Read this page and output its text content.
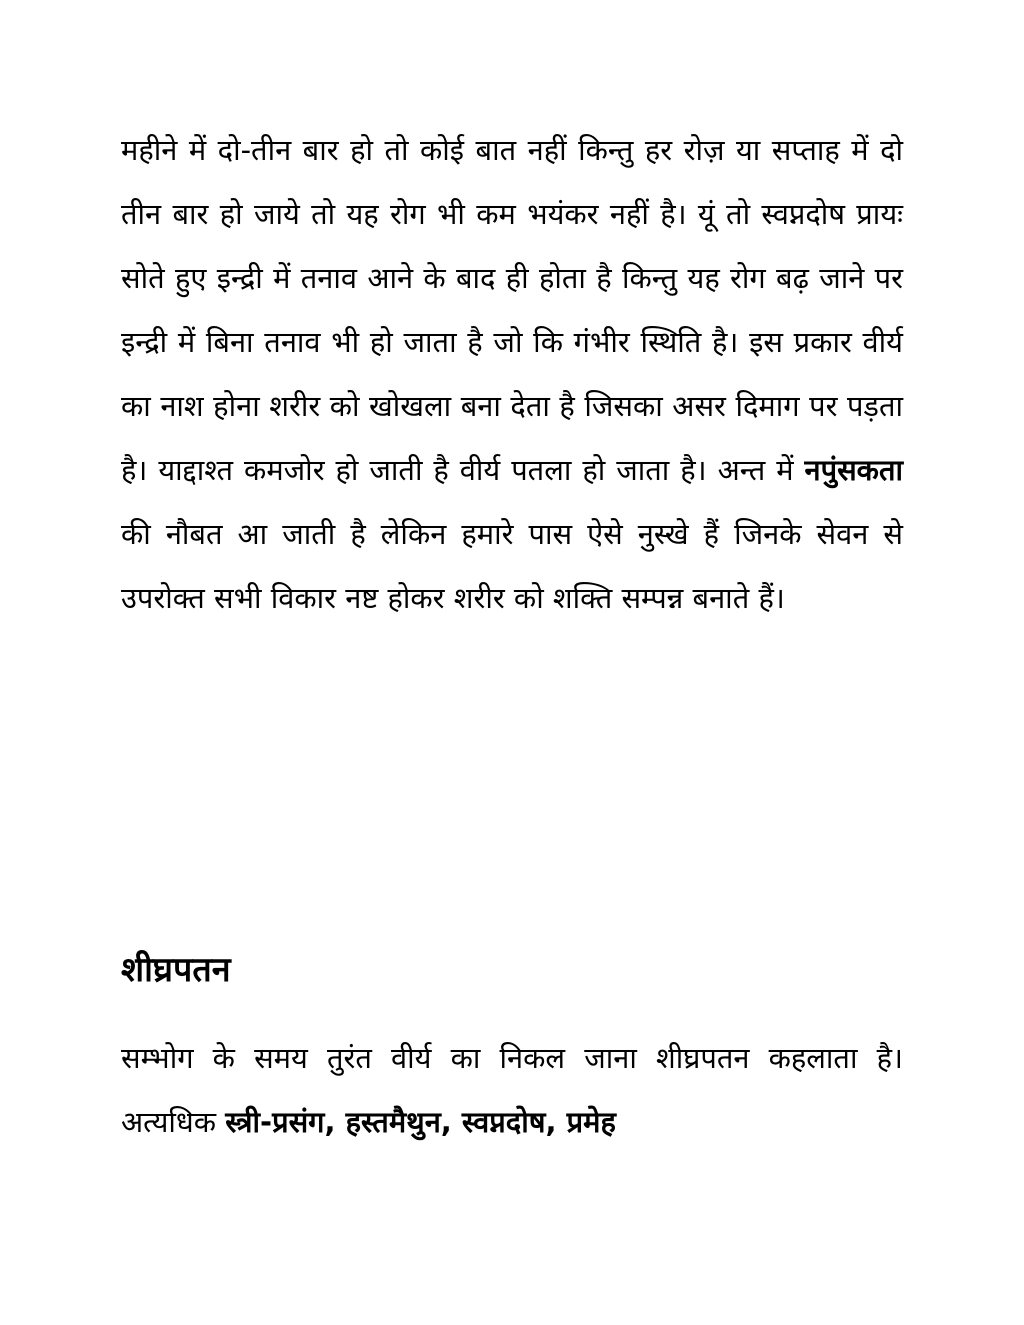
महीने में दो-तीन बार हो तो कोई बात नहीं किन्तु हर रोज़ या सप्ताह में दो तीन बार हो जाये तो यह रोग भी कम भयंकर नहीं है। यूं तो स्वप्नदोष प्रायः सोते हुए इन्द्री में तनाव आने के बाद ही होता है किन्तु यह रोग बढ़ जाने पर इन्द्री में बिना तनाव भी हो जाता है जो कि गंभीर स्थिति है। इस प्रकार वीर्य का नाश होना शरीर को खोखला बना देता है जिसका असर दिमाग पर पड़ता है। याद्दाश्त कमजोर हो जाती है वीर्य पतला हो जाता है। अन्त में नपुंसकता की नौबत आ जाती है लेकिन हमारे पास ऐसे नुस्खे हैं जिनके सेवन से उपरोक्त सभी विकार नष्ट होकर शरीर को शक्ति सम्पन्न बनाते हैं।

शीघ्रपतन

सम्भोग के समय तुरंत वीर्य का निकल जाना शीघ्रपतन कहलाता है। अत्यधिक स्त्री-प्रसंग, हस्तमैथुन, स्वप्नदोष, प्रमेह
